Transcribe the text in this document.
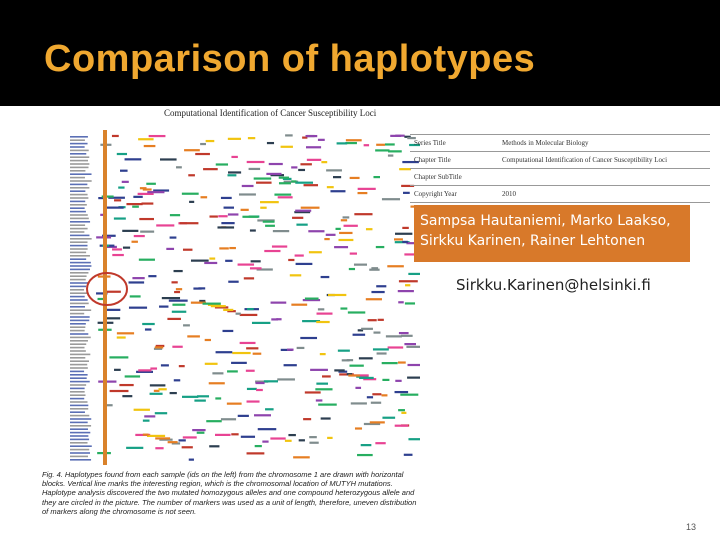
Comparison of haplotypes
Computational Identification of Cancer Susceptibility Loci
Fig. 4. Haplotypes found from each sample (ids on the left) from the chromosome 1 are drawn with horizontal blocks. Vertical line marks the interesting region, which is the chromosomal location of MUTYH mutations. Haplotype analysis discovered the two mutated homozygous alleles and one compound heterozygous allele and they are circled in the picture. The number of markers was used as a unit of length, therefore, uneven distribution of markers along the chromosome is not seen.
Series Title	Methods in Molecular Biology
Chapter Title	Computational Identification of Cancer Susceptibility Loci
Chapter SubTitle	
Copyright Year	2010

Sampsa Hautaniemi, Marko Laakso,
Sirkku Karinen, Rainer Lehtonen
Sirkku.Karinen@helsinki.fi
13
